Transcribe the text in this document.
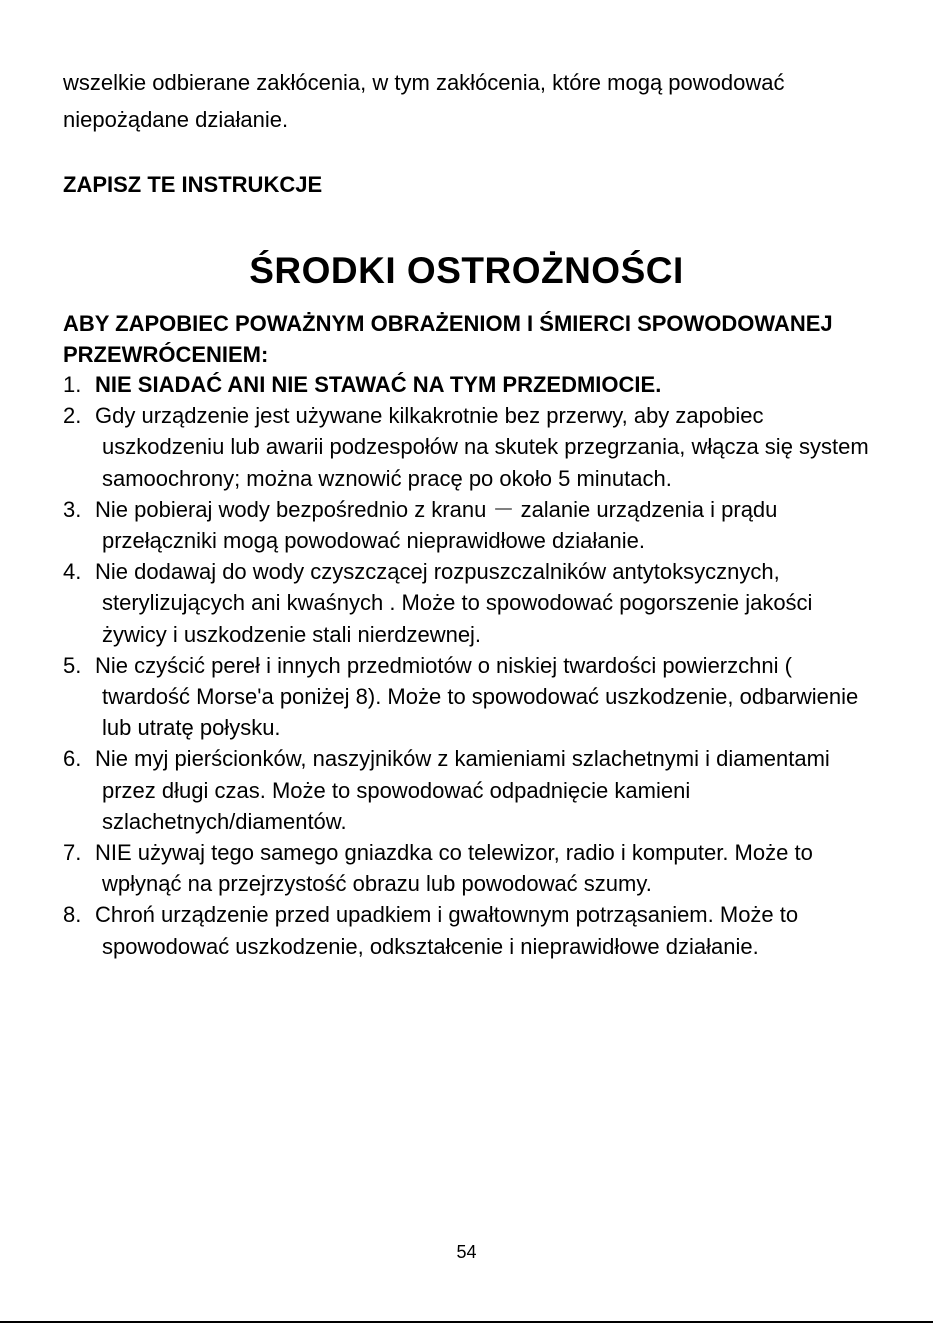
wszelkie odbierane zakłócenia, w tym zakłócenia, które mogą powodować niepożądane działanie.

ZAPISZ TE INSTRUKCJE

ŚRODKI OSTROŻNOŚCI

ABY ZAPOBIEC POWAŻNYM OBRAŻENIOM I ŚMIERCI SPOWODOWANEJ PRZEWRÓCENIEM:

1. NIE SIADAĆ ANI NIE STAWAĆ NA TYM PRZEDMIOCIE.
2. Gdy urządzenie jest używane kilkakrotnie bez przerwy, aby zapobiec uszkodzeniu lub awarii podzespołów na skutek przegrzania, włącza się system samoochrony; można wznowić pracę po około 5 minutach.
3. Nie pobieraj wody bezpośrednio z kranu － zalanie urządzenia i prądu przełączniki mogą powodować nieprawidłowe działanie.
4. Nie dodawaj do wody czyszczącej rozpuszczalników antytoksycznych, sterylizujących ani kwaśnych . Może to spowodować pogorszenie jakości żywicy i uszkodzenie stali nierdzewnej.
5. Nie czyścić pereł i innych przedmiotów o niskiej twardości powierzchni ( twardość Morse'a poniżej 8). Może to spowodować uszkodzenie, odbarwienie lub utratę połysku.
6. Nie myj pierścionków, naszyjników z kamieniami szlachetnymi i diamentami przez długi czas. Może to spowodować odpadnięcie kamieni szlachetnych/diamentów.
7. NIE używaj tego samego gniazdka co telewizor, radio i komputer. Może to wpłynąć na przejrzystość obrazu lub powodować szumy.
8. Chroń urządzenie przed upadkiem i gwałtownym potrząsaniem. Może to spowodować uszkodzenie, odkształcenie i nieprawidłowe działanie.
54
